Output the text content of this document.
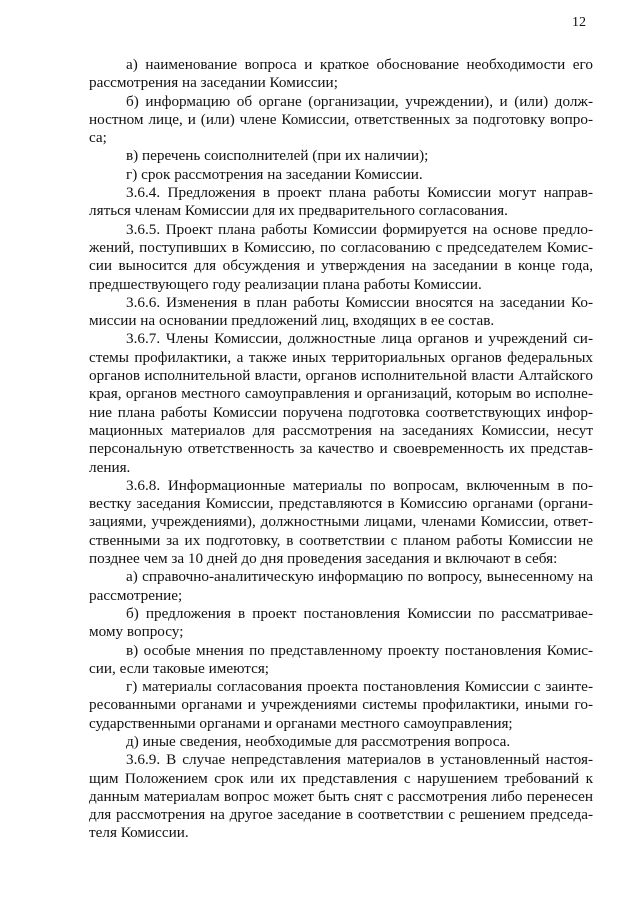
12

а) наименование вопроса и краткое обоснование необходимости его рассмотрения на заседании Комиссии;

б) информацию об органе (организации, учреждении), и (или) должностном лице, и (или) члене Комиссии, ответственных за подготовку вопроса;

в) перечень соисполнителей (при их наличии);

г) срок рассмотрения на заседании Комиссии.

3.6.4. Предложения в проект плана работы Комиссии могут направляться членам Комиссии для их предварительного согласования.

3.6.5. Проект плана работы Комиссии формируется на основе предложений, поступивших в Комиссию, по согласованию с председателем Комиссии выносится для обсуждения и утверждения на заседании в конце года, предшествующего году реализации плана работы Комиссии.

3.6.6. Изменения в план работы Комиссии вносятся на заседании Комиссии на основании предложений лиц, входящих в ее состав.

3.6.7. Члены Комиссии, должностные лица органов и учреждений системы профилактики, а также иных территориальных органов федеральных органов исполнительной власти, органов исполнительной власти Алтайского края, органов местного самоуправления и организаций, которым во исполнение плана работы Комиссии поручена подготовка соответствующих информационных материалов для рассмотрения на заседаниях Комиссии, несут персональную ответственность за качество и своевременность их представления.

3.6.8. Информационные материалы по вопросам, включенным в повестку заседания Комиссии, представляются в Комиссию органами (организациями, учреждениями), должностными лицами, членами Комиссии, ответственными за их подготовку, в соответствии с планом работы Комиссии не позднее чем за 10 дней до дня проведения заседания и включают в себя:

а) справочно-аналитическую информацию по вопросу, вынесенному на рассмотрение;

б) предложения в проект постановления Комиссии по рассматриваемому вопросу;

в) особые мнения по представленному проекту постановления Комиссии, если таковые имеются;

г) материалы согласования проекта постановления Комиссии с заинтересованными органами и учреждениями системы профилактики, иными государственными органами и органами местного самоуправления;

д) иные сведения, необходимые для рассмотрения вопроса.

3.6.9. В случае непредставления материалов в установленный настоящим Положением срок или их представления с нарушением требований к данным материалам вопрос может быть снят с рассмотрения либо перенесен для рассмотрения на другое заседание в соответствии с решением председателя Комиссии.
